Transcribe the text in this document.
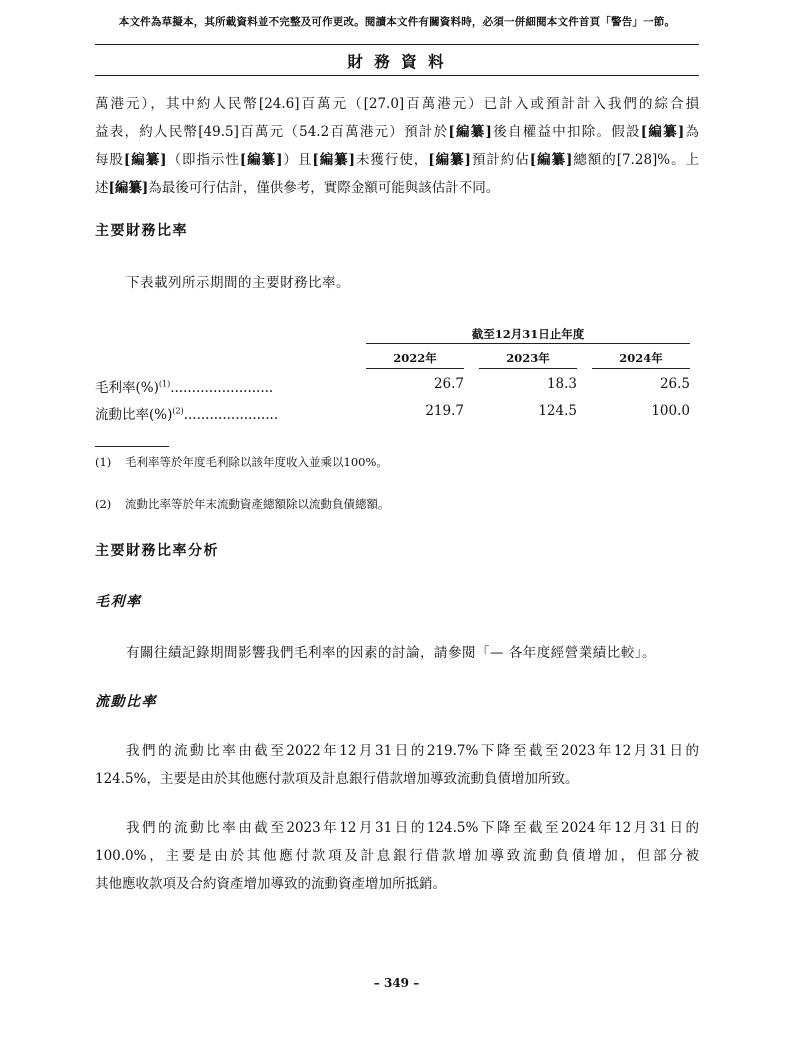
本文件為草擬本，其所載資料並不完整及可作更改。閱讀本文件有關資料時，必須一併細閱本文件首頁「警告」一節。
財 務 資 料
萬港元），其中約人民幣[24.6]百萬元（[27.0]百萬港元）已計入或預計計入我們的綜合損
益表，約人民幣[49.5]百萬元（54.2百萬港元）預計於[編纂]後自權益中扣除。假設[編纂]為
每股[編纂]（即指示性[編纂]）且[編纂]未獲行使，[編纂]預計約佔[編纂]總額的[7.28]%。上
述[編纂]為最後可行估計，僅供參考，實際金額可能與該估計不同。
主要財務比率
下表載列所示期間的主要財務比率。
截至12月31日止年度
2022年	2023年	2024年
毛利率(%)$^{(1)}$........................	26.7	18.3	26.5
流動比率(%)$^{(2)}$......................	219.7	124.5	100.0
(1) 毛利率等於年度毛利除以該年度收入並乘以100%。
(2) 流動比率等於年末流動資產總額除以流動負債總額。
主要財務比率分析
毛利率
有關往績記錄期間影響我們毛利率的因素的討論，請參閱「— 各年度經營業績比較」。
流動比率
我們的流動比率由截至2022年12月31日的219.7%下降至截至2023年12月31日的
124.5%，主要是由於其他應付款項及計息銀行借款增加導致流動負債增加所致。
我們的流動比率由截至2023年12月31日的124.5%下降至截至2024年12月31日的
100.0%，主要是由於其他應付款項及計息銀行借款增加導致流動負債增加，但部分被
其他應收款項及合約資產增加導致的流動資產增加所抵銷。
– 349 –
